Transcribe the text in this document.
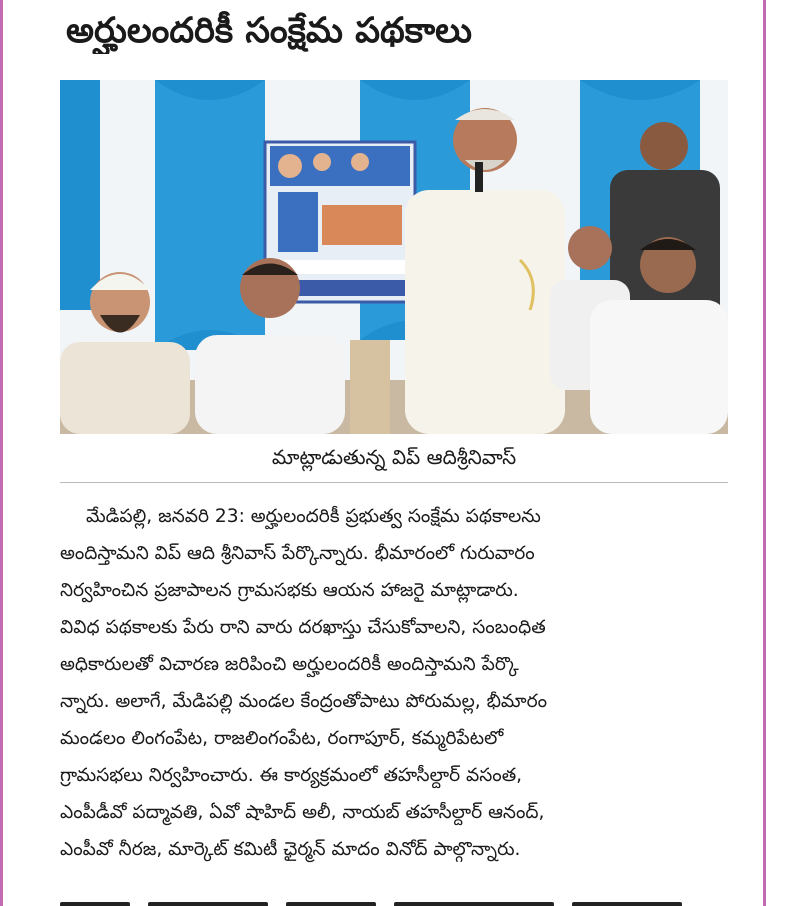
అర్హులందరికీ సంక్షేమ పథకాలు
మాట్లాడుతున్న విప్ ఆదిశ్రీనివాస్
మేడిపల్లి, జనవరి 23: అర్హులందరికీ ప్రభుత్వ సంక్షేమ పథకాలను
అందిస్తామని విప్ ఆది శ్రీనివాస్ పేర్కొన్నారు. భీమారంలో గురువారం
నిర్వహించిన ప్రజాపాలన గ్రామసభకు ఆయన హాజరై మాట్లాడారు.
వివిధ పథకాలకు పేరు రాని వారు దరఖాస్తు చేసుకోవాలని, సంబంధిత
అధికారులతో విచారణ జరిపించి అర్హులందరికీ అందిస్తామని పేర్కొ
న్నారు. అలాగే, మేడిపల్లి మండల కేంద్రంతోపాటు పోరుమల్ల, భీమారం
మండలం లింగంపేట, రాజలింగంపేట, రంగాపూర్, కమ్మరిపేటలో
గ్రామసభలు నిర్వహించారు. ఈ కార్యక్రమంలో తహసీల్దార్ వసంత,
ఎంపీడీవో పద్మావతి, ఏవో షాహిద్ అలీ, నాయబ్ తహసీల్దార్ ఆనంద్,
ఎంపీవో నీరజ, మార్కెట్ కమిటీ ఛైర్మన్ మాదం వినోద్ పాల్గొన్నారు.
